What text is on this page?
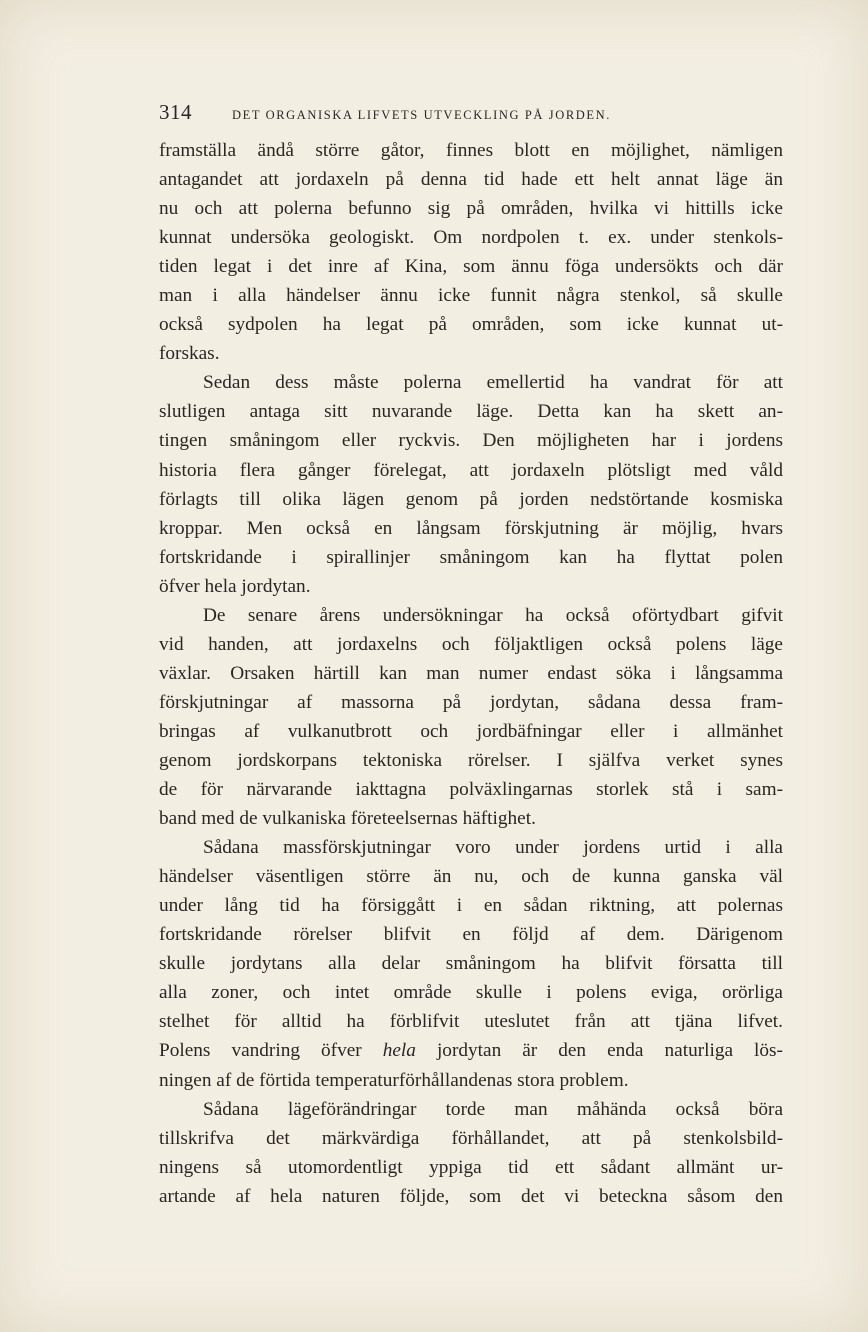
314	DET ORGANISKA LIFVETS UTVECKLING PÅ JORDEN.
framställa ändå större gåtor, finnes blott en möjlighet, nämligen
antagandet att jordaxeln på denna tid hade ett helt annat läge än
nu och att polerna befunno sig på områden, hvilka vi hittills icke
kunnat undersöka geologiskt. Om nordpolen t. ex. under stenkols-
tiden legat i det inre af Kina, som ännu föga undersökts och där
man i alla händelser ännu icke funnit några stenkol, så skulle
också sydpolen ha legat på områden, som icke kunnat ut-
forskas.
Sedan dess måste polerna emellertid ha vandrat för att
slutligen antaga sitt nuvarande läge. Detta kan ha skett an-
tingen småningom eller ryckvis. Den möjligheten har i jordens
historia flera gånger förelegat, att jordaxeln plötsligt med våld
förlagts till olika lägen genom på jorden nedstörtande kosmiska
kroppar. Men också en långsam förskjutning är möjlig, hvars
fortskridande i spirallinjer småningom kan ha flyttat polen
öfver hela jordytan.
De senare årens undersökningar ha också oförtydbart gifvit
vid handen, att jordaxelns och följaktligen också polens läge
växlar. Orsaken härtill kan man numer endast söka i långsamma
förskjutningar af massorna på jordytan, sådana dessa fram-
bringas af vulkanutbrott och jordbäfningar eller i allmänhet
genom jordskorpans tektoniska rörelser. I själfva verket synes
de för närvarande iakttagna polväxlingarnas storlek stå i sam-
band med de vulkaniska företeelsernas häftighet.
Sådana massförskjutningar voro under jordens urtid i alla
händelser väsentligen större än nu, och de kunna ganska väl
under lång tid ha försiggått i en sådan riktning, att polernas
fortskridande rörelser blifvit en följd af dem. Därigenom
skulle jordytans alla delar småningom ha blifvit försatta till
alla zoner, och intet område skulle i polens eviga, orörliga
stelhet för alltid ha förblifvit uteslutet från att tjäna lifvet.
Polens vandring öfver hela jordytan är den enda naturliga lös-
ningen af de förtida temperaturförhållandenas stora problem.
Sådana lägeförändringar torde man måhända också böra
tillskrifva det märkvärdiga förhållandet, att på stenkolsbild-
ningens så utomordentligt yppiga tid ett sådant allmänt ur-
artande af hela naturen följde, som det vi beteckna såsom den
